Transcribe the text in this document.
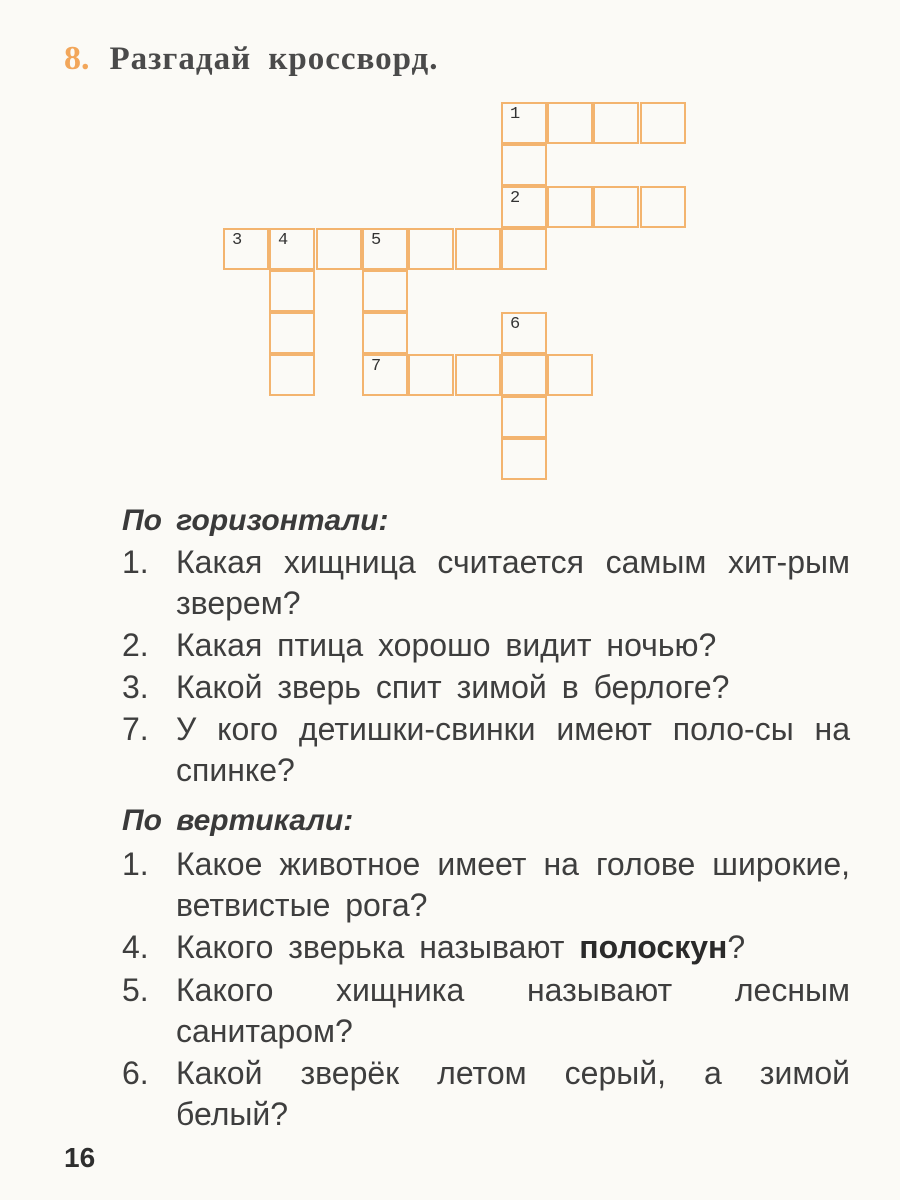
8. Разгадай кроссворд.
1
2
3 4	5
6
7
По горизонтали:
1. Какая хищница считается самым хит-рым зверем?
2. Какая птица хорошо видит ночью?
3. Какой зверь спит зимой в берлоге?
7. У кого детишки-свинки имеют поло-сы на спинке?
По вертикали:
1. Какое животное имеет на голове широкие, ветвистые рога?
4. Какого зверька называют полоскун?
5. Какого хищника называют лесным санитаром?
6. Какой зверёк летом серый, а зимой белый?
16
